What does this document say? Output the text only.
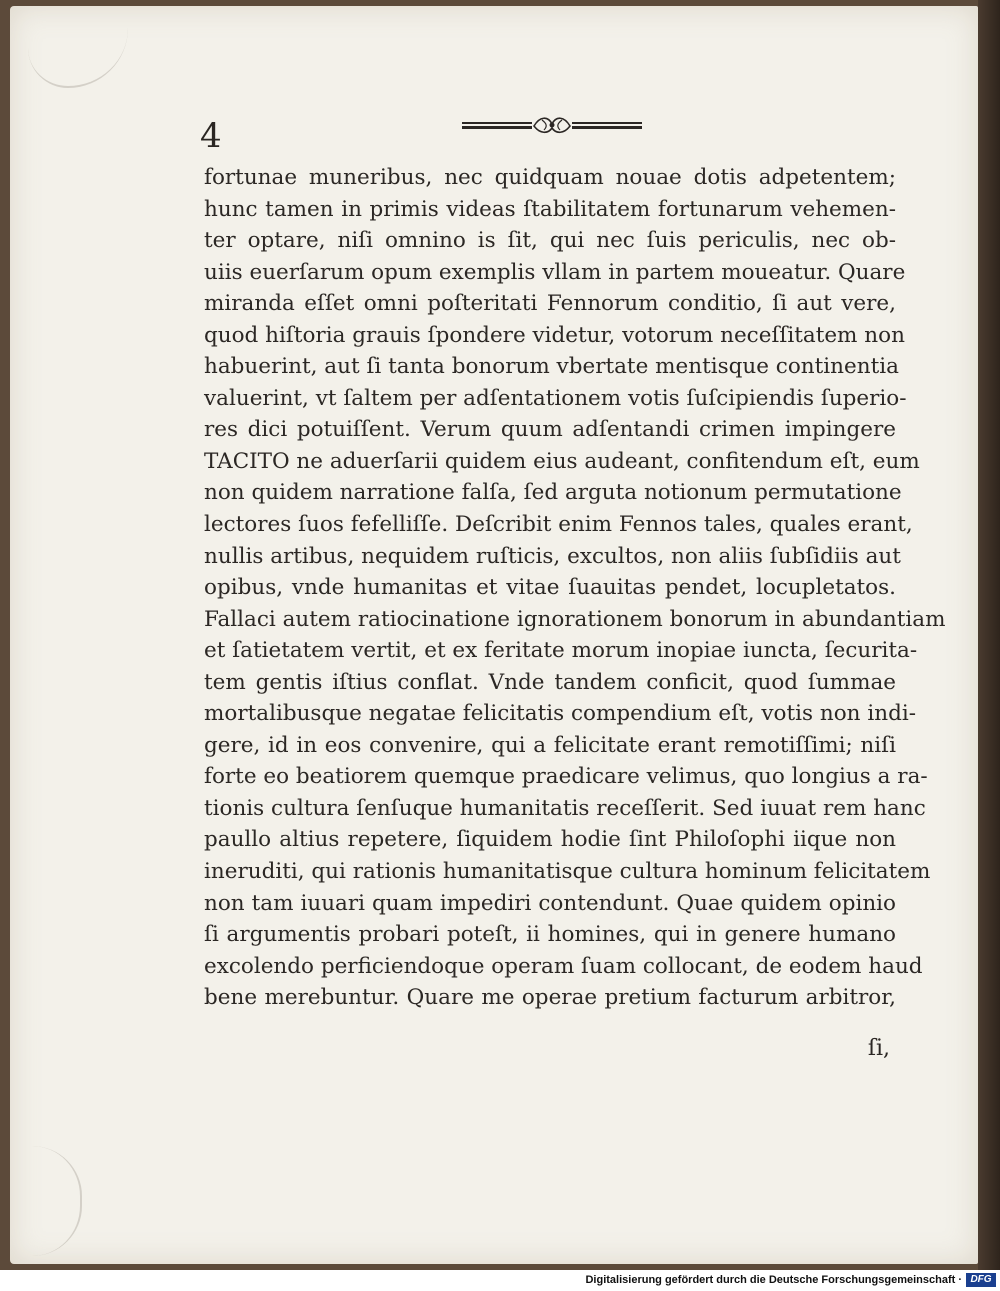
4
fortunae muneribus, nec quidquam nouae dotis adpetentem;
hunc tamen in primis videas ſtabilitatem fortunarum vehemen-
ter optare, niſi omnino is ſit, qui nec ſuis periculis, nec ob-
uiis euerſarum opum exemplis vllam in partem moueatur. Quare
miranda eſſet omni poſteritati Fennorum conditio, ſi aut vere,
quod hiſtoria grauis ſpondere videtur, votorum neceſſitatem non
habuerint, aut ſi tanta bonorum vbertate mentisque continentia
valuerint, vt ſaltem per adſentationem votis ſuſcipiendis ſuperio-
res dici potuiſſent. Verum quum adſentandi crimen impingere
TACITO ne aduerſarii quidem eius audeant, confitendum eſt, eum
non quidem narratione falſa, ſed arguta notionum permutatione
lectores ſuos fefelliſſe. Deſcribit enim Fennos tales, quales erant,
nullis artibus, nequidem ruſticis, excultos, non aliis ſubſidiis aut
opibus, vnde humanitas et vitae ſuauitas pendet, locupletatos.
Fallaci autem ratiocinatione ignorationem bonorum in abundantiam
et ſatietatem vertit, et ex feritate morum inopiae iuncta, ſecurita-
tem gentis iſtius conflat. Vnde tandem conficit, quod ſummae
mortalibusque negatae felicitatis compendium eſt, votis non indi-
gere, id in eos convenire, qui a felicitate erant remotiſſimi; niſi
forte eo beatiorem quemque praedicare velimus, quo longius a ra-
tionis cultura ſenſuque humanitatis receſſerit. Sed iuuat rem hanc
paullo altius repetere, ſiquidem hodie ſint Philoſophi iique non
ineruditi, qui rationis humanitatisque cultura hominum felicitatem
non tam iuuari quam impediri contendunt. Quae quidem opinio
ſi argumentis probari poteſt, ii homines, qui in genere humano
excolendo perficiendoque operam ſuam collocant, de eodem haud
bene merebuntur. Quare me operae pretium facturum arbitror,
ſi,
Digitalisierung gefördert durch die Deutsche Forschungsgemeinschaft · DFG
